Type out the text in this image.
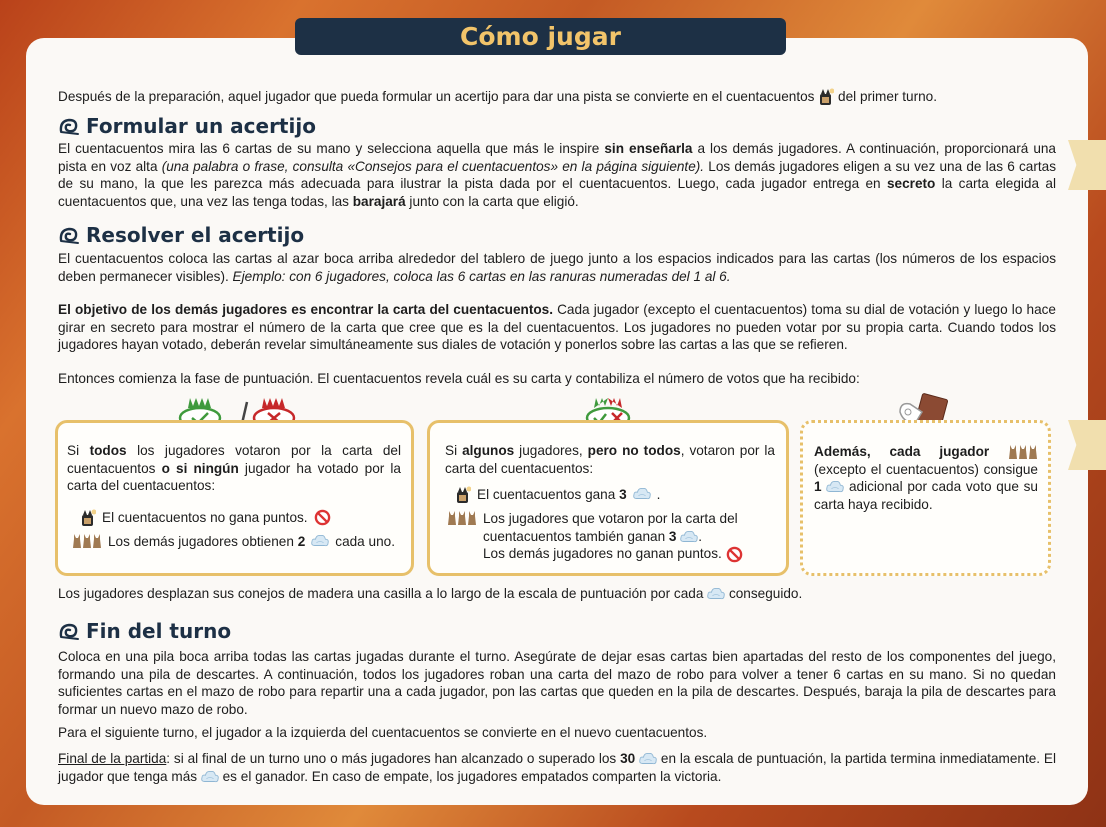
Cómo jugar
Después de la preparación, aquel jugador que pueda formular un acertijo para dar una pista se convierte en el cuentacuentos del primer turno.
Formular un acertijo
El cuentacuentos mira las 6 cartas de su mano y selecciona aquella que más le inspire sin enseñarla a los demás jugadores. A continuación, proporcionará una pista en voz alta (una palabra o frase, consulta «Consejos para el cuentacuentos» en la página siguiente). Los demás jugadores eligen a su vez una de las 6 cartas de su mano, la que les parezca más adecuada para ilustrar la pista dada por el cuentacuentos. Luego, cada jugador entrega en secreto la carta elegida al cuentacuentos que, una vez las tenga todas, las barajará junto con la carta que eligió.
Resolver el acertijo
El cuentacuentos coloca las cartas al azar boca arriba alrededor del tablero de juego junto a los espacios indicados para las cartas (los números de los espacios deben permanecer visibles). Ejemplo: con 6 jugadores, coloca las 6 cartas en las ranuras numeradas del 1 al 6.
El objetivo de los demás jugadores es encontrar la carta del cuentacuentos. Cada jugador (excepto el cuentacuentos) toma su dial de votación y luego lo hace girar en secreto para mostrar el número de la carta que cree que es la del cuentacuentos. Los jugadores no pueden votar por su propia carta. Cuando todos los jugadores hayan votado, deberán revelar simultáneamente sus diales de votación y ponerlos sobre las cartas a las que se refieren.
Entonces comienza la fase de puntuación. El cuentacuentos revela cuál es su carta y contabiliza el número de votos que ha recibido:
Si todos los jugadores votaron por la carta del cuentacuentos o si ningún jugador ha votado por la carta del cuentacuentos:
El cuentacuentos no gana puntos.
Los demás jugadores obtienen 2 cada uno.
Si algunos jugadores, pero no todos, votaron por la carta del cuentacuentos:
El cuentacuentos gana 3 .
Los jugadores que votaron por la carta del cuentacuentos también ganan 3 .
Los demás jugadores no ganan puntos.
Además, cada jugador  (excepto el cuentacuentos) consigue 1  adicional por cada voto que su carta haya recibido.
Los jugadores desplazan sus conejos de madera una casilla a lo largo de la escala de puntuación por cada conseguido.
Fin del turno
Coloca en una pila boca arriba todas las cartas jugadas durante el turno. Asegúrate de dejar esas cartas bien apartadas del resto de los componentes del juego, formando una pila de descartes. A continuación, todos los jugadores roban una carta del mazo de robo para volver a tener 6 cartas en su mano. Si no quedan suficientes cartas en el mazo de robo para repartir una a cada jugador, pon las cartas que queden en la pila de descartes. Después, baraja la pila de descartes para formar un nuevo mazo de robo.
Para el siguiente turno, el jugador a la izquierda del cuentacuentos se convierte en el nuevo cuentacuentos.
Final de la partida: si al final de un turno uno o más jugadores han alcanzado o superado los 30  en la escala de puntuación, la partida termina inmediatamente. El jugador que tenga más  es el ganador. En caso de empate, los jugadores empatados comparten la victoria.
